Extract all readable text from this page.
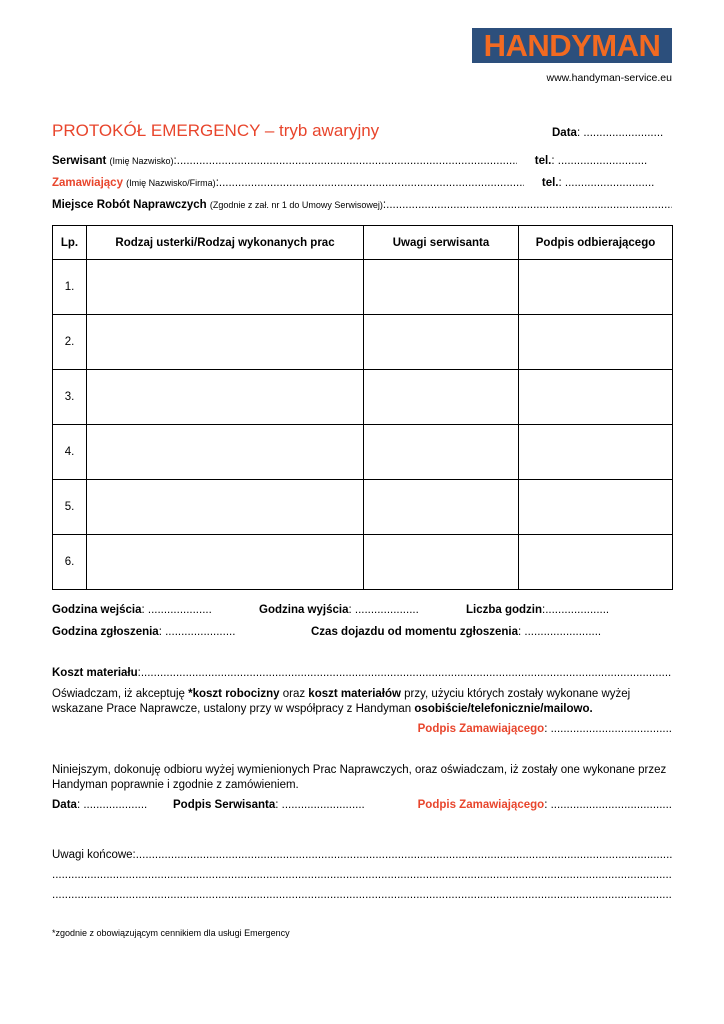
HANDYMAN
www.handyman-service.eu
PROTOKÓŁ EMERGENCY – tryb awaryjny	Data: .........................
Serwisant
(Imię Nazwisko) : .....	tel. : ............................
Zamawiający
(Imię Nazwisko/Firma) : .....	tel. : ............................
Miejsce Robót Naprawczych
(Zgodnie z zał. nr 1 do Umowy Serwisowej) :
.....
Lp.	Rodzaj usterki/Rodzaj wykonanych prac	Uwagi serwisanta	Podpis odbierającego
1.			
2.			
3.			
4.			
5.			
6.			
Godzina wejścia: ....................	Godzina wyjścia: ....................	Liczba godzin:....................
Godzina zgłoszenia: ......................	Czas dojazdu od momentu zgłoszenia: ........................
Koszt materiału :
.....
Oświadczam, iż akceptuję *koszt robocizny oraz koszt materiałów przy, użyciu których zostały wykonane wyżej wskazane Prace Naprawcze, ustalony przy w współpracy z Handyman osobiście/telefonicznie/mailowo.
Podpis Zamawiającego: ......................................
Niniejszym, dokonuję odbioru wyżej wymienionych Prac Naprawczych, oraz oświadczam, iż zostały one wykonane przez Handyman poprawnie i zgodnie z zamówieniem.
Data: .................... Podpis Serwisanta: ..........................	Podpis Zamawiającego: ......................................
Uwagi końcowe:
.....
.....
.....
*zgodnie z obowiązującym cennikiem dla usługi Emergency
